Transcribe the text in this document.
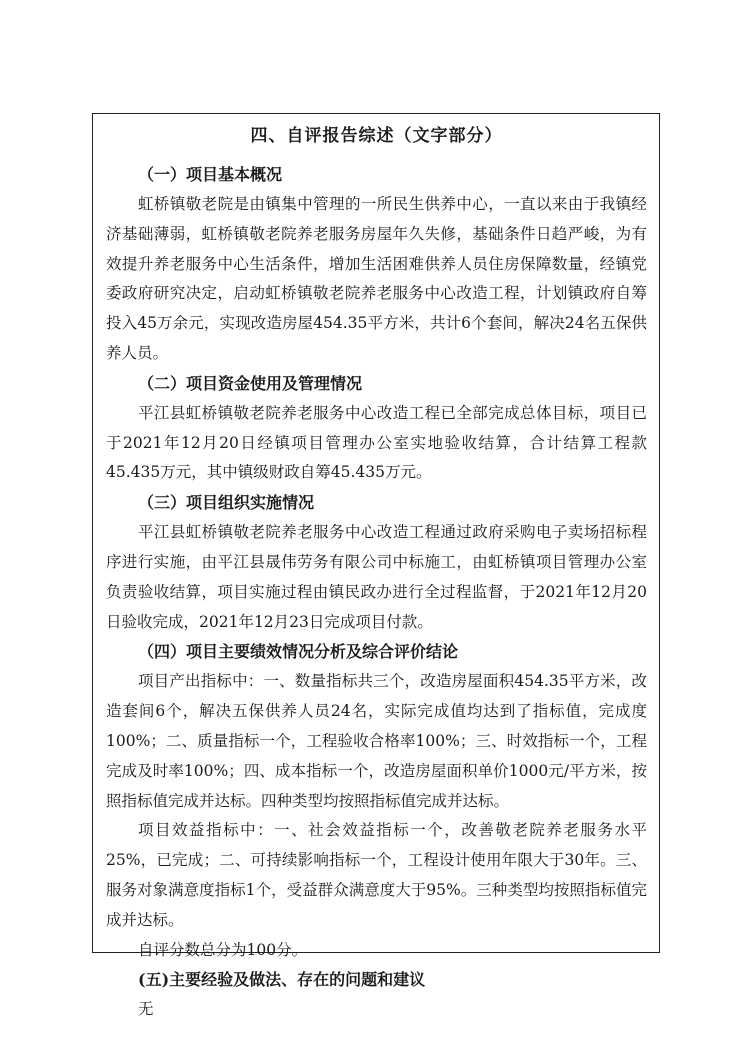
四、自评报告综述（文字部分）
（一）项目基本概况

虹桥镇敬老院是由镇集中管理的一所民生供养中心，一直以来由于我镇经济基础薄弱，虹桥镇敬老院养老服务房屋年久失修，基础条件日趋严峻，为有效提升养老服务中心生活条件，增加生活困难供养人员住房保障数量，经镇党委政府研究决定，启动虹桥镇敬老院养老服务中心改造工程，计划镇政府自筹投入45万余元，实现改造房屋454.35平方米，共计6个套间，解决24名五保供养人员。

（二）项目资金使用及管理情况

平江县虹桥镇敬老院养老服务中心改造工程已全部完成总体目标，项目已于2021年12月20日经镇项目管理办公室实地验收结算，合计结算工程款45.435万元，其中镇级财政自筹45.435万元。

（三）项目组织实施情况

平江县虹桥镇敬老院养老服务中心改造工程通过政府采购电子卖场招标程序进行实施，由平江县晟伟劳务有限公司中标施工，由虹桥镇项目管理办公室负责验收结算，项目实施过程由镇民政办进行全过程监督，于2021年12月20日验收完成，2021年12月23日完成项目付款。

（四）项目主要绩效情况分析及综合评价结论

项目产出指标中：一、数量指标共三个，改造房屋面积454.35平方米，改造套间6个，解决五保供养人员24名，实际完成值均达到了指标值，完成度100%；二、质量指标一个，工程验收合格率100%；三、时效指标一个，工程完成及时率100%；四、成本指标一个，改造房屋面积单价1000元/平方米，按照指标值完成并达标。四种类型均按照指标值完成并达标。

项目效益指标中：一、社会效益指标一个，改善敬老院养老服务水平25%，已完成；二、可持续影响指标一个，工程设计使用年限大于30年。三、服务对象满意度指标1个，受益群众满意度大于95%。三种类型均按照指标值完成并达标。

自评分数总分为100分。

(五)主要经验及做法、存在的问题和建议

无
